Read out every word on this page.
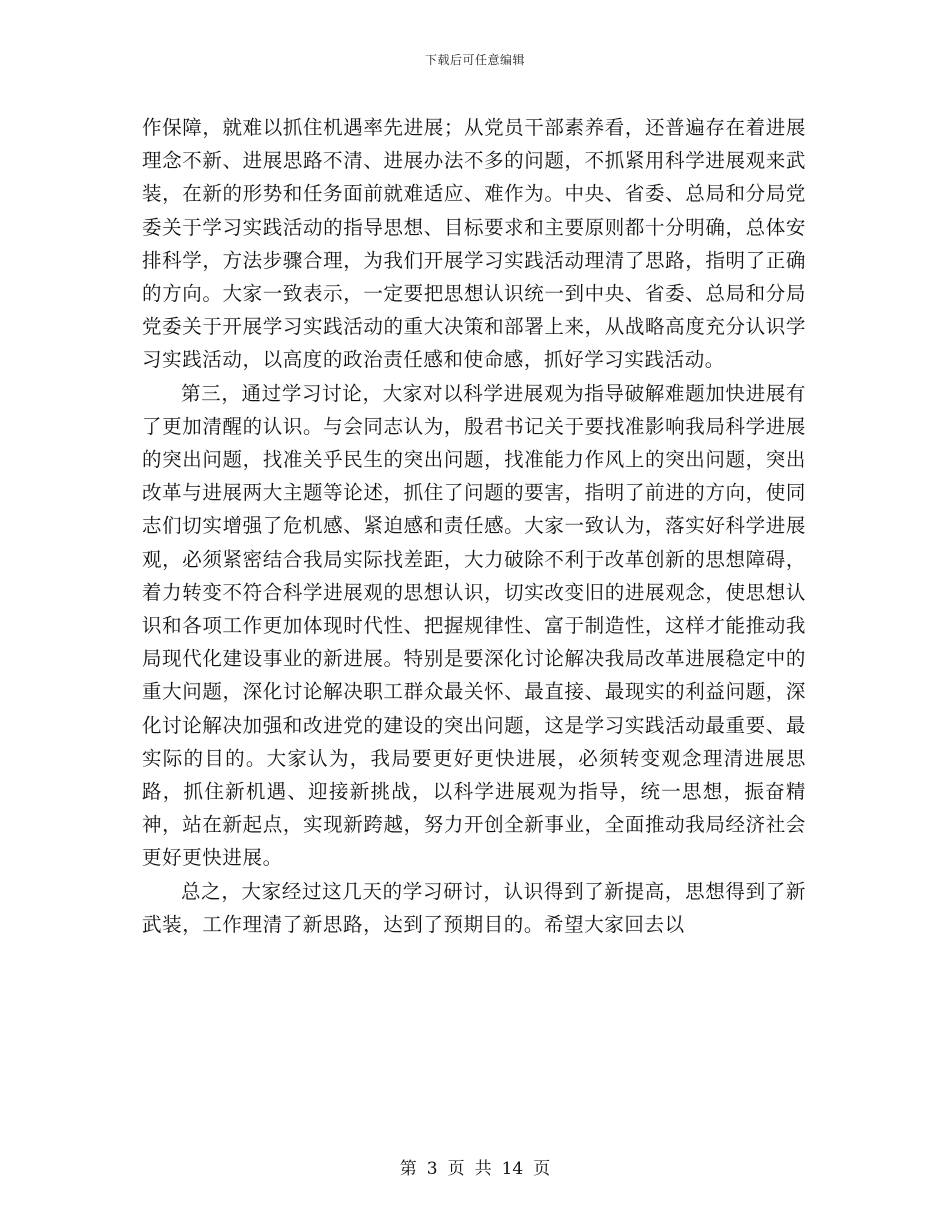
下载后可任意编辑

作保障，就难以抓住机遇率先进展；从党员干部素养看，还普遍存在着进展理念不新、进展思路不清、进展办法不多的问题，不抓紧用科学进展观来武装，在新的形势和任务面前就难适应、难作为。中央、省委、总局和分局党委关于学习实践活动的指导思想、目标要求和主要原则都十分明确，总体安排科学，方法步骤合理，为我们开展学习实践活动理清了思路，指明了正确的方向。大家一致表示，一定要把思想认识统一到中央、省委、总局和分局党委关于开展学习实践活动的重大决策和部署上来，从战略高度充分认识学习实践活动，以高度的政治责任感和使命感，抓好学习实践活动。

第三，通过学习讨论，大家对以科学进展观为指导破解难题加快进展有了更加清醒的认识。与会同志认为，殷君书记关于要找准影响我局科学进展的突出问题，找准关乎民生的突出问题，找准能力作风上的突出问题，突出改革与进展两大主题等论述，抓住了问题的要害，指明了前进的方向，使同志们切实增强了危机感、紧迫感和责任感。大家一致认为，落实好科学进展观，必须紧密结合我局实际找差距，大力破除不利于改革创新的思想障碍，着力转变不符合科学进展观的思想认识，切实改变旧的进展观念，使思想认识和各项工作更加体现时代性、把握规律性、富于制造性，这样才能推动我局现代化建设事业的新进展。特别是要深化讨论解决我局改革进展稳定中的重大问题，深化讨论解决职工群众最关怀、最直接、最现实的利益问题，深化讨论解决加强和改进党的建设的突出问题，这是学习实践活动最重要、最实际的目的。大家认为，我局要更好更快进展，必须转变观念理清进展思路，抓住新机遇、迎接新挑战，以科学进展观为指导，统一思想，振奋精神，站在新起点，实现新跨越，努力开创全新事业，全面推动我局经济社会更好更快进展。

总之，大家经过这几天的学习研讨，认识得到了新提高，思想得到了新武装，工作理清了新思路，达到了预期目的。希望大家回去以

第 3 页 共 14 页
